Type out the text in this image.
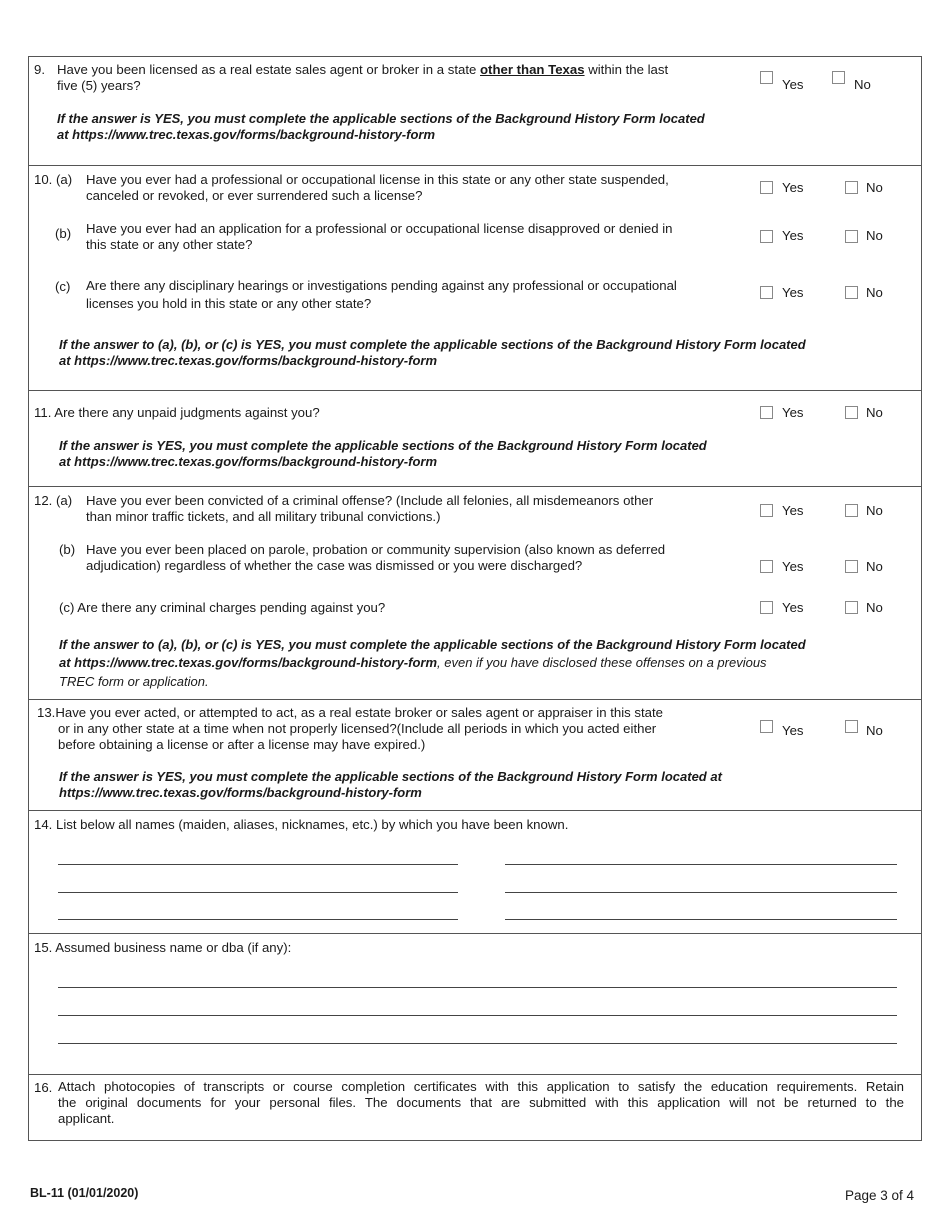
9. Have you been licensed as a real estate sales agent or broker in a state other than Texas within the last
five (5) years?	Yes	No
If the answer is YES, you must complete the applicable sections of the Background History Form located
at https://www.trec.texas.gov/forms/background-history-form
10. (a) Have you ever had a professional or occupational license in this state or any other state suspended,
canceled or revoked, or ever surrendered such a license?
Yes	No
(b) Have you ever had an application for a professional or occupational license disapproved or denied in
this state or any other state?
Yes	No
(c) Are there any disciplinary hearings or investigations pending against any professional or occupational
licenses you hold in this state or any other state?
Yes	No
If the answer to (a), (b), or (c) is YES, you must complete the applicable sections of the Background History Form located
at https://www.trec.texas.gov/forms/background-history-form
11. Are there any unpaid judgments against you?	Yes	No
If the answer is YES, you must complete the applicable sections of the Background History Form located
at https://www.trec.texas.gov/forms/background-history-form
12. (a) Have you ever been convicted of a criminal offense? (Include all felonies, all misdemeanors other
than minor traffic tickets, and all military tribunal convictions.)	Yes	No
(b) Have you ever been placed on parole, probation or community supervision (also known as deferred
adjudication) regardless of whether the case was dismissed or you were discharged?	Yes	No
(c) Are there any criminal charges pending against you?	Yes	No
If the answer to (a), (b), or (c) is YES, you must complete the applicable sections of the Background History Form located
at https://www.trec.texas.gov/forms/background-history-form, even if you have disclosed these offenses on a previous
TREC form or application.
13.Have you ever acted, or attempted to act, as a real estate broker or sales agent or appraiser in this state
or in any other state at a time when not properly licensed?(Include all periods in which you acted either
before obtaining a license or after a license may have expired.)
Yes	No
If the answer is YES, you must complete the applicable sections of the Background History Form located at
https://www.trec.texas.gov/forms/background-history-form
14. List below all names (maiden, aliases, nicknames, etc.) by which you have been known.
15. Assumed business name or dba (if any):
16. Attach photocopies of transcripts or course completion certificates with this application to satisfy the education requirements. Retain
the original documents for your personal files. The documents that are submitted with this application will not be returned to the
applicant.
BL-11 (01/01/2020)	Page 3 of 4
